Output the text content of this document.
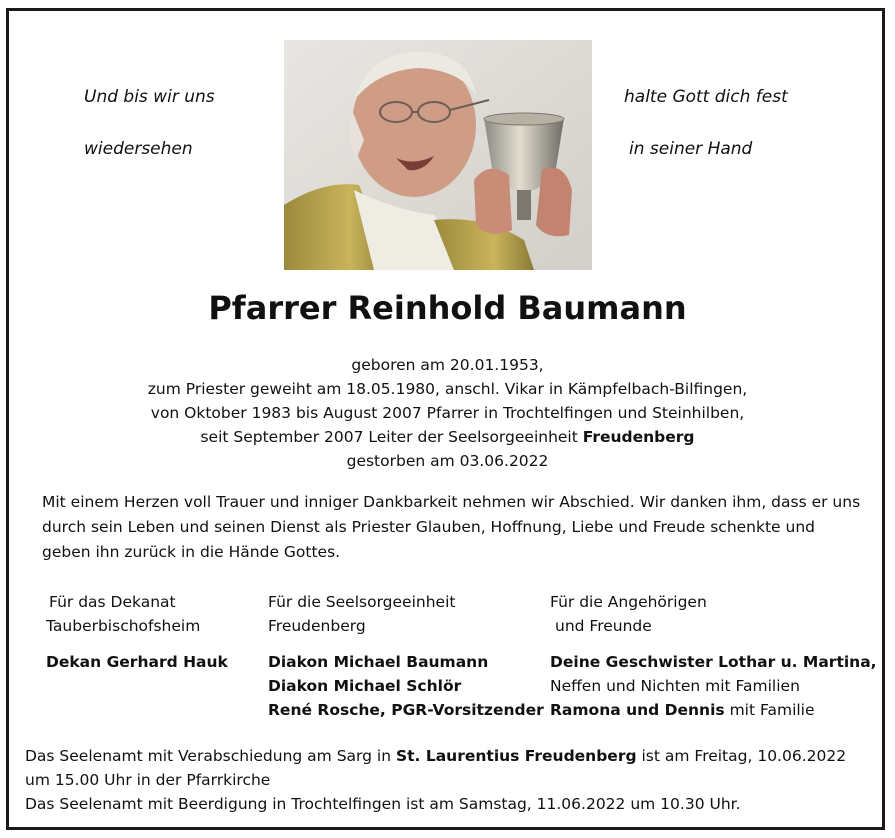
Und bis wir uns
wiedersehen
halte Gott dich fest
in seiner Hand
Pfarrer Reinhold Baumann
geboren am 20.01.1953,
zum Priester geweiht am 18.05.1980, anschl. Vikar in Kämpfelbach-Bilfingen,
von Oktober 1983 bis August 2007 Pfarrer in Trochtelfingen und Steinhilben,
seit September 2007 Leiter der Seelsorgeeinheit Freudenberg
gestorben am 03.06.2022
Mit einem Herzen voll Trauer und inniger Dankbarkeit nehmen wir Abschied. Wir danken ihm, dass er uns durch sein Leben und seinen Dienst als Priester Glauben, Hoffnung, Liebe und Freude schenkte und geben ihn zurück in die Hände Gottes.
Für das Dekanat
Tauberbischofsheim
Dekan Gerhard Hauk
Für die Seelsorgeeinheit
Freudenberg
Diakon Michael Baumann
Diakon Michael Schlör
René Rosche, PGR-Vorsitzender
Für die Angehörigen
und Freunde
Deine Geschwister Lothar u. Martina,
Neffen und Nichten mit Familien
Ramona und Dennis mit Familie
Das Seelenamt mit Verabschiedung am Sarg in St. Laurentius Freudenberg ist am Freitag, 10.06.2022
um 15.00 Uhr in der Pfarrkirche
Das Seelenamt mit Beerdigung in Trochtelfingen ist am Samstag, 11.06.2022 um 10.30 Uhr.
